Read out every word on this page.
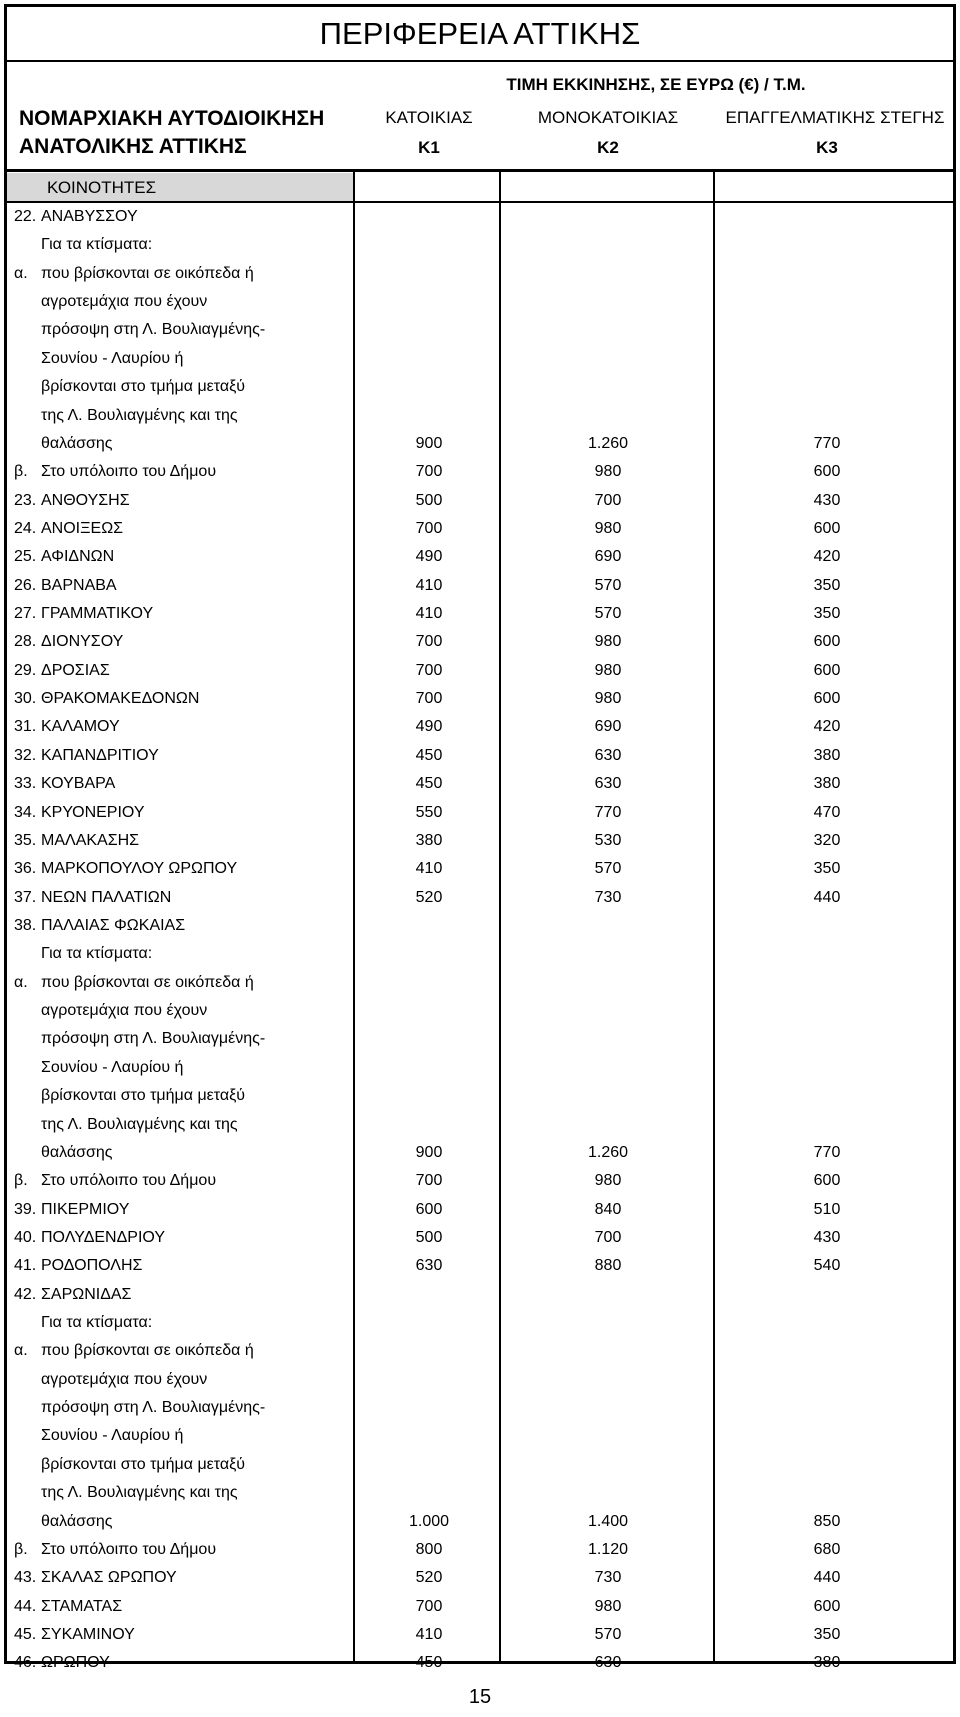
ΠΕΡΙΦΕΡΕΙΑ ΑΤΤΙΚΗΣ
ΤΙΜΗ ΕΚΚΙΝΗΣΗΣ, ΣΕ ΕΥΡΩ (€) / Τ.Μ.
ΝΟΜΑΡΧΙΑΚΗ ΑΥΤΟΔΙΟΙΚΗΣΗ
ΑΝΑΤΟΛΙΚΗΣ ΑΤΤΙΚΗΣ
ΚΑΤΟΙΚΙΑΣ	ΜΟΝΟΚΑΤΟΙΚΙΑΣ	ΕΠΑΓΓΕΛΜΑΤΙΚΗΣ ΣΤΕΓΗΣ
Κ1	Κ2	Κ3
ΚΟΙΝΟΤΗΤΕΣ
22. ΑΝΑΒΥΣΣΟΥ
Για τα κτίσματα:
α. που βρίσκονται σε οικόπεδα ή
αγροτεμάχια που έχουν
πρόσοψη στη Λ. Βουλιαγμένης-
Σουνίου - Λαυρίου ή
βρίσκονται στο τμήμα μεταξύ
της Λ. Βουλιαγμένης και της
θαλάσσης	900	1.260	770
β. Στο υπόλοιπο του Δήμου	700	980	600
23. ΑΝΘΟΥΣΗΣ	500	700	430
24. ΑΝΟΙΞΕΩΣ	700	980	600
25. ΑΦΙΔΝΩΝ	490	690	420
26. ΒΑΡΝΑΒΑ	410	570	350
27. ΓΡΑΜΜΑΤΙΚΟΥ	410	570	350
28. ΔΙΟΝΥΣΟΥ	700	980	600
29. ΔΡΟΣΙΑΣ	700	980	600
30. ΘΡΑΚΟΜΑΚΕΔΟΝΩΝ	700	980	600
31. ΚΑΛΑΜΟΥ	490	690	420
32. ΚΑΠΑΝΔΡΙΤΙΟΥ	450	630	380
33. ΚΟΥΒΑΡΑ	450	630	380
34. ΚΡΥΟΝΕΡΙΟΥ	550	770	470
35. ΜΑΛΑΚΑΣΗΣ	380	530	320
36. ΜΑΡΚΟΠΟΥΛΟΥ ΩΡΩΠΟΥ	410	570	350
37. ΝΕΩΝ ΠΑΛΑΤΙΩΝ	520	730	440
38. ΠΑΛΑΙΑΣ ΦΩΚΑΙΑΣ
Για τα κτίσματα:
α. που βρίσκονται σε οικόπεδα ή
αγροτεμάχια που έχουν
πρόσοψη στη Λ. Βουλιαγμένης-
Σουνίου - Λαυρίου ή
βρίσκονται στο τμήμα μεταξύ
της Λ. Βουλιαγμένης και της
θαλάσσης	900	1.260	770
β. Στο υπόλοιπο του Δήμου	700	980	600
39. ΠΙΚΕΡΜΙΟΥ	600	840	510
40. ΠΟΛΥΔΕΝΔΡΙΟΥ	500	700	430
41. ΡΟΔΟΠΟΛΗΣ	630	880	540
42. ΣΑΡΩΝΙΔΑΣ
Για τα κτίσματα:
α. που βρίσκονται σε οικόπεδα ή
αγροτεμάχια που έχουν
πρόσοψη στη Λ. Βουλιαγμένης-
Σουνίου - Λαυρίου ή
βρίσκονται στο τμήμα μεταξύ
της Λ. Βουλιαγμένης και της
θαλάσσης	1.000	1.400	850
β. Στο υπόλοιπο του Δήμου	800	1.120	680
43. ΣΚΑΛΑΣ ΩΡΩΠΟΥ	520	730	440
44. ΣΤΑΜΑΤΑΣ	700	980	600
45. ΣΥΚΑΜΙΝΟΥ	410	570	350
46. ΩΡΩΠΟΥ	450	630	380
15
